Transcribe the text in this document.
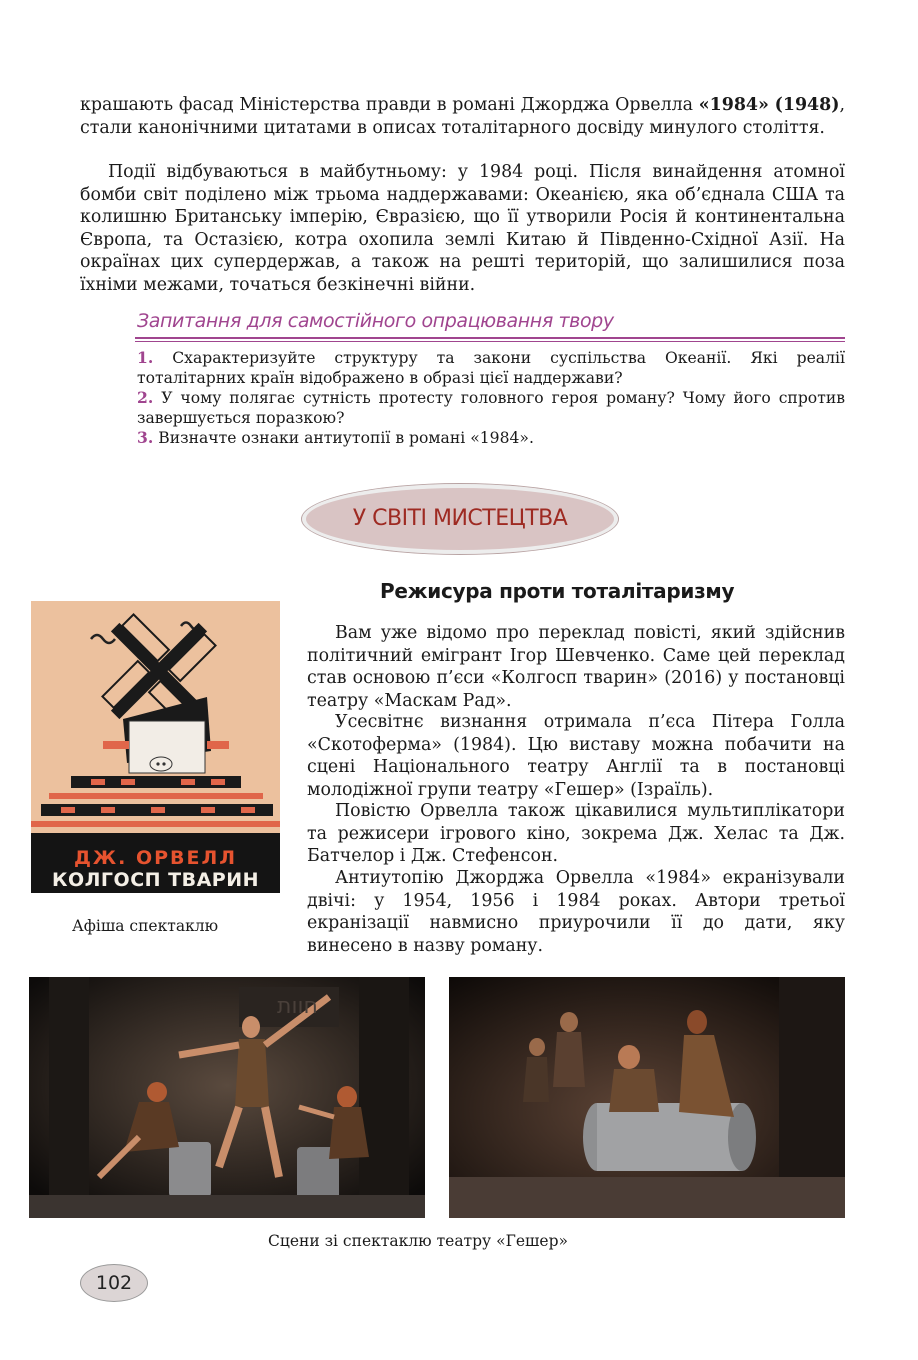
крашають фасад Міністерства правди в романі Джорджа Орвелла «1984» (1948), стали канонічними цитатами в описах тоталітарного досвіду минулого століття.

Події відбуваються в майбутньому: у 1984 році. Після винайдення атомної бомби світ поділено між трьома наддержавами: Океанією, яка об’єднала США та колишню Британську імперію, Євразією, що її утворили Росія й континентальна Європа, та Остазією, котра охопила землі Китаю й Південно-Східної Азії. На окраїнах цих супердержав, а також на решті територій, що залишилися поза їхніми межами, точаться безкінечні війни.

Запитання для самостійного опрацювання твору

1. Схарактеризуйте структуру та закони суспільства Океанії. Які реалії тоталітарних країн відображено в образі цієї наддержави?

2. У чому полягає сутність протесту головного героя роману? Чому його спротив завершується поразкою?

3. Визначте ознаки антиутопії в романі «1984».

У СВІТІ МИСТЕЦТВА
Режисура проти тоталітаризму
ДЖ. ОРВЕЛЛ
КОЛГОСП ТВАРИН
Афіша спектаклю

Вам уже відомо про переклад повісті, який здійснив політичний емігрант Ігор Шевченко. Саме цей переклад став основою п’єси «Колгосп тварин» (2016) у постановці театру «Маскам Рад».

Усесвітнє визнання отримала п’єса Пітера Голла «Скотоферма» (1984). Цю виставу можна побачити на сцені Національного театру Англії та в постановці молодіжної групи театру «Гешер» (Ізраїль).

Повістю Орвелла також цікавилися мультиплікатори та режисери ігрового кіно, зокрема Дж. Хелас та Дж. Батчелор і Дж. Стефенсон.

Антиутопію Джорджа Орвелла «1984» екранізували двічі: у 1954, 1956 і 1984 роках. Автори третьої екранізації навмисно приурочили її до дати, яку винесено в назву роману.

חוות
Сцени зі спектаклю театру «Гешер»
102
